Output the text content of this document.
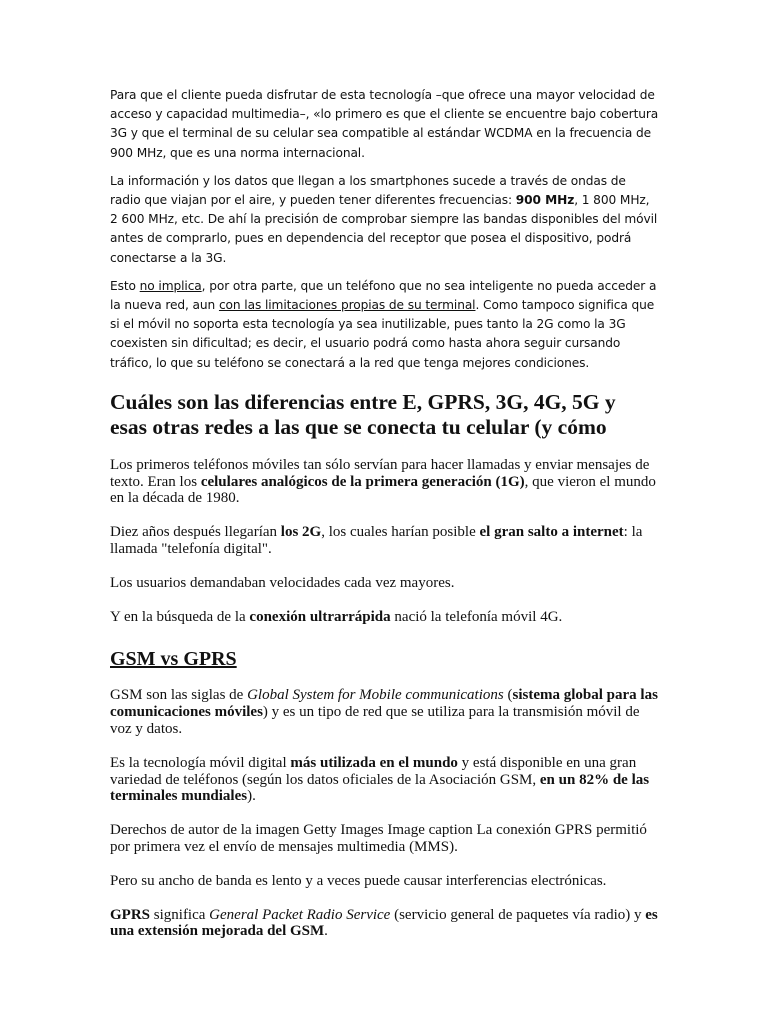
Para que el cliente pueda disfrutar de esta tecnología –que ofrece una mayor velocidad de acceso y capacidad multimedia–, «lo primero es que el cliente se encuentre bajo cobertura 3G y que el terminal de su celular sea compatible al estándar WCDMA en la frecuencia de 900 MHz, que es una norma internacional.

La información y los datos que llegan a los smartphones sucede a través de ondas de radio que viajan por el aire, y pueden tener diferentes frecuencias: 900 MHz, 1 800 MHz, 2 600 MHz, etc. De ahí la precisión de comprobar siempre las bandas disponibles del móvil antes de comprarlo, pues en dependencia del receptor que posea el dispositivo, podrá conectarse a la 3G.

Esto no implica, por otra parte, que un teléfono que no sea inteligente no pueda acceder a la nueva red, aun con las limitaciones propias de su terminal. Como tampoco significa que si el móvil no soporta esta tecnología ya sea inutilizable, pues tanto la 2G como la 3G coexisten sin dificultad; es decir, el usuario podrá como hasta ahora seguir cursando tráfico, lo que su teléfono se conectará a la red que tenga mejores condiciones.

Cuáles son las diferencias entre E, GPRS, 3G, 4G, 5G y
esas otras redes a las que se conecta tu celular (y cómo

Los primeros teléfonos móviles tan sólo servían para hacer llamadas y enviar mensajes de texto. Eran los celulares analógicos de la primera generación (1G), que vieron el mundo en la década de 1980.

Diez años después llegarían los 2G, los cuales harían posible el gran salto a internet: la llamada "telefonía digital".

Los usuarios demandaban velocidades cada vez mayores.

Y en la búsqueda de la conexión ultrarrápida nació la telefonía móvil 4G.

GSM vs GPRS

GSM son las siglas de Global System for Mobile communications (sistema global para las comunicaciones móviles) y es un tipo de red que se utiliza para la transmisión móvil de voz y datos.

Es la tecnología móvil digital más utilizada en el mundo y está disponible en una gran variedad de teléfonos (según los datos oficiales de la Asociación GSM, en un 82% de las terminales mundiales).

Derechos de autor de la imagen Getty Images Image caption La conexión GPRS permitió por primera vez el envío de mensajes multimedia (MMS).

Pero su ancho de banda es lento y a veces puede causar interferencias electrónicas.

GPRS significa General Packet Radio Service (servicio general de paquetes vía radio) y es una extensión mejorada del GSM.
